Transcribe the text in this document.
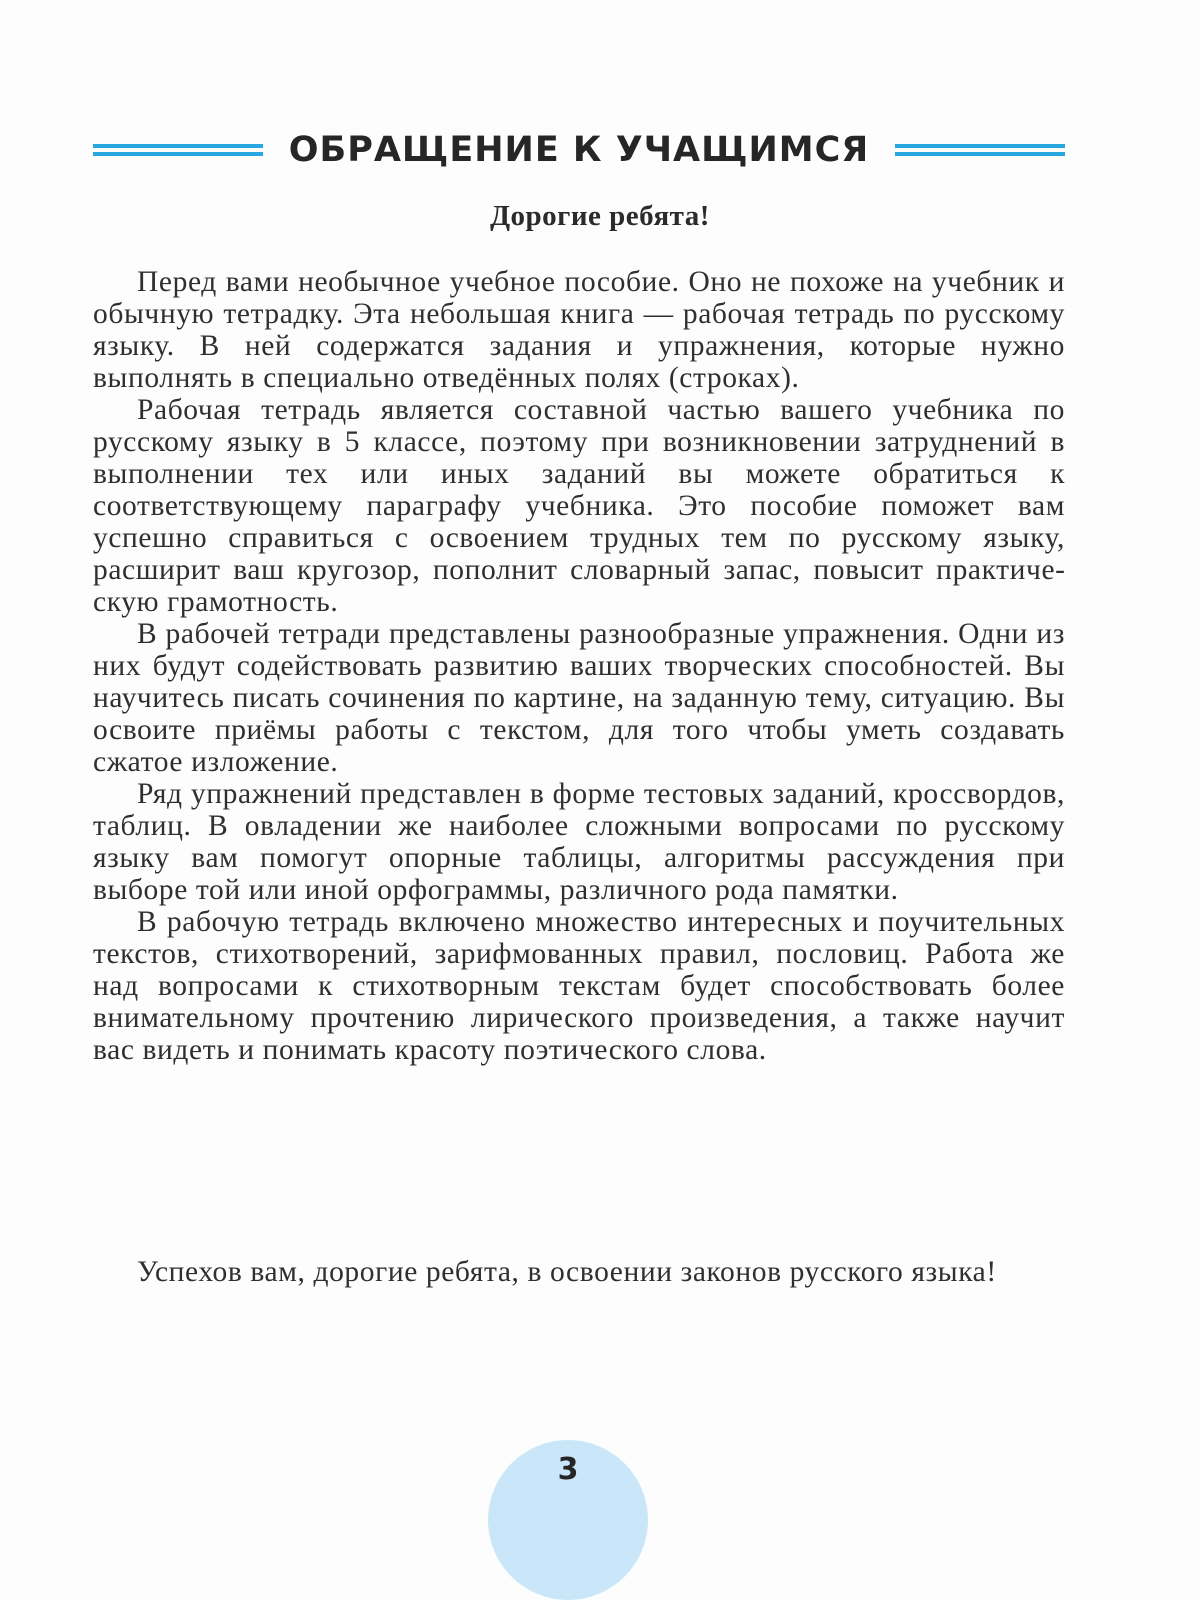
ОБРАЩЕНИЕ К УЧАЩИМСЯ
Дорогие ребята!

Перед вами необычное учебное пособие. Оно не похоже на учебник и обычную тетрадку. Эта небольшая книга — рабочая тетрадь по русскому языку. В ней содержатся задания и упражнения, которые нужно выполнять в специально отведённых полях (строках).

Рабочая тетрадь является составной частью вашего учебника по русскому языку в 5 классе, поэтому при возникновении затруднений в выполнении тех или иных заданий вы можете обратиться к соответствующему параграфу учебника. Это пособие поможет вам успешно справиться с освоением трудных тем по русскому языку, расширит ваш кругозор, пополнит словарный запас, повысит практическую грамотность.

В рабочей тетради представлены разнообразные упражнения. Одни из них будут содействовать развитию ваших творческих способностей. Вы научитесь писать сочинения по картине, на заданную тему, ситуацию. Вы освоите приёмы работы с текстом, для того чтобы уметь создавать сжатое изложение.

Ряд упражнений представлен в форме тестовых заданий, кроссвордов, таблиц. В овладении же наиболее сложными вопросами по русскому языку вам помогут опорные таблицы, алгоритмы рассуждения при выборе той или иной орфограммы, различного рода памятки.

В рабочую тетрадь включено множество интересных и поучительных текстов, стихотворений, зарифмованных правил, пословиц. Работа же над вопросами к стихотворным текстам будет способствовать более внимательному прочтению лирического произведения, а также научит вас видеть и понимать красоту поэтического слова.

Успехов вам, дорогие ребята, в освоении законов русского языка!

3
